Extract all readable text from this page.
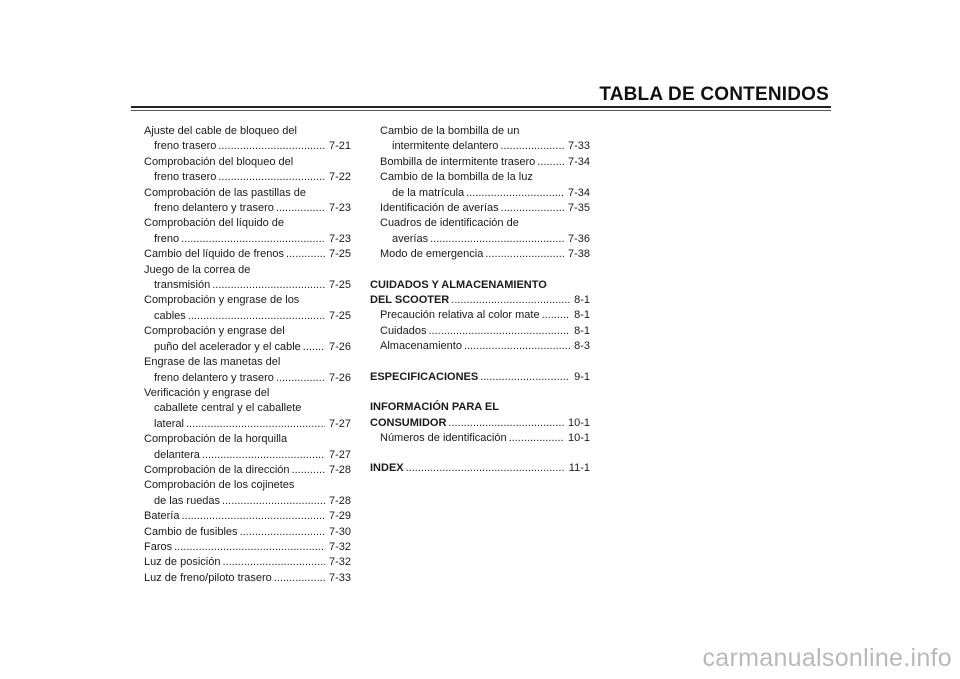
TABLA DE CONTENIDOS
Ajuste del cable de bloqueo del
freno trasero .....	7-21
Comprobación del bloqueo del
freno trasero .....	7-22
Comprobación de las pastillas de
freno delantero y trasero .....	7-23
Comprobación del líquido de
freno .....	7-23
Cambio del líquido de frenos .....	7-25
Juego de la correa de
transmisión .....	7-25
Comprobación y engrase de los
cables .....	7-25
Comprobación y engrase del
puño del acelerador y el cable .....	7-26
Engrase de las manetas del
freno delantero y trasero .....	7-26
Verificación y engrase del
caballete central y el caballete
lateral .....	7-27
Comprobación de la horquilla
delantera .....	7-27
Comprobación de la dirección .....	7-28
Comprobación de los cojinetes
de las ruedas .....	7-28
Batería .....	7-29
Cambio de fusibles .....	7-30
Faros .....	7-32
Luz de posición .....	7-32
Luz de freno/piloto trasero .....	7-33
Cambio de la bombilla de un
intermitente delantero .....	7-33
Bombilla de intermitente trasero .....	7-34
Cambio de la bombilla de la luz
de la matrícula .....	7-34
Identificación de averías .....	7-35
Cuadros de identificación de
averías .....	7-36
Modo de emergencia .....	7-38
CUIDADOS Y ALMACENAMIENTO
DEL SCOOTER .....	8-1
Precaución relativa al color mate .....	8-1
Cuidados .....	8-1
Almacenamiento .....	8-3
ESPECIFICACIONES .....	9-1
INFORMACIÓN PARA EL
CONSUMIDOR .....	10-1
Números de identificación .....	10-1
INDEX .....	11-1
carmanualsonline.info
